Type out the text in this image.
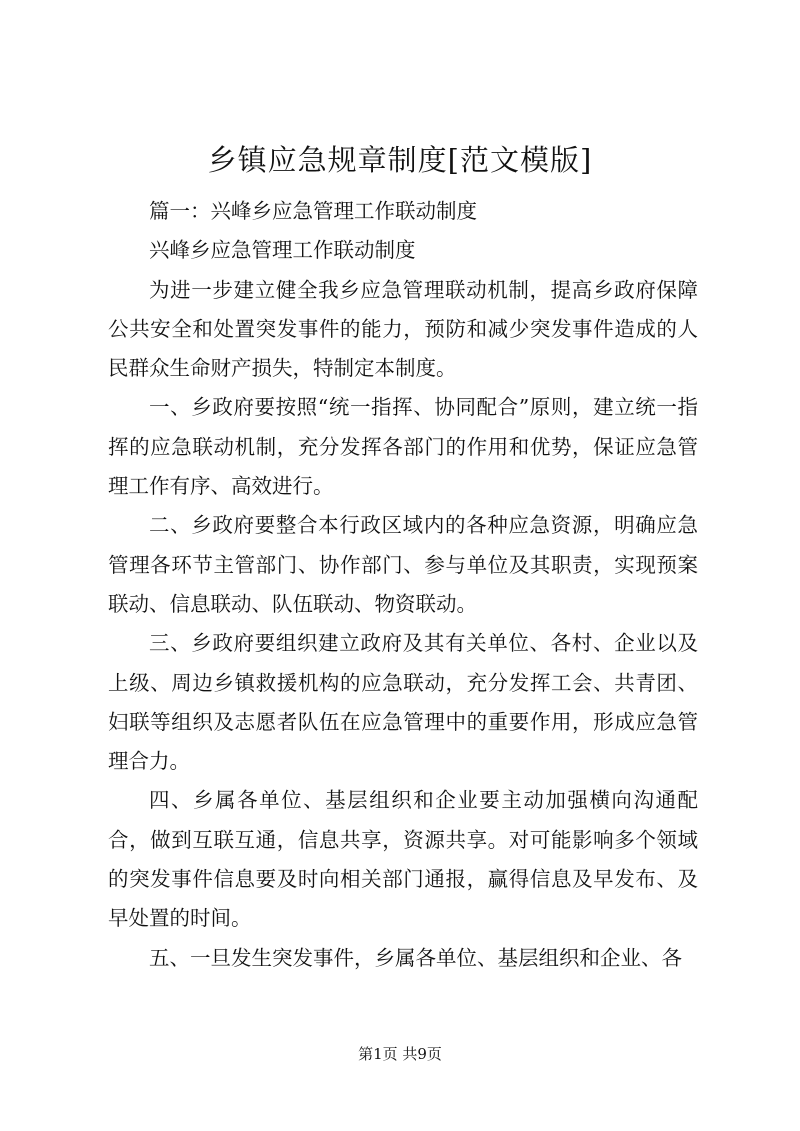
乡镇应急规章制度[范文模版]

篇一：兴峰乡应急管理工作联动制度

兴峰乡应急管理工作联动制度

为进一步建立健全我乡应急管理联动机制，提高乡政府保障公共安全和处置突发事件的能力，预防和减少突发事件造成的人民群众生命财产损失，特制定本制度。

一、乡政府要按照“统一指挥、协同配合”原则，建立统一指挥的应急联动机制，充分发挥各部门的作用和优势，保证应急管理工作有序、高效进行。

二、乡政府要整合本行政区域内的各种应急资源，明确应急管理各环节主管部门、协作部门、参与单位及其职责，实现预案联动、信息联动、队伍联动、物资联动。

三、乡政府要组织建立政府及其有关单位、各村、企业以及上级、周边乡镇救援机构的应急联动，充分发挥工会、共青团、妇联等组织及志愿者队伍在应急管理中的重要作用，形成应急管理合力。

四、乡属各单位、基层组织和企业要主动加强横向沟通配合，做到互联互通，信息共享，资源共享。对可能影响多个领域的突发事件信息要及时向相关部门通报，赢得信息及早发布、及早处置的时间。

五、一旦发生突发事件，乡属各单位、基层组织和企业、各

第1页 共9页
